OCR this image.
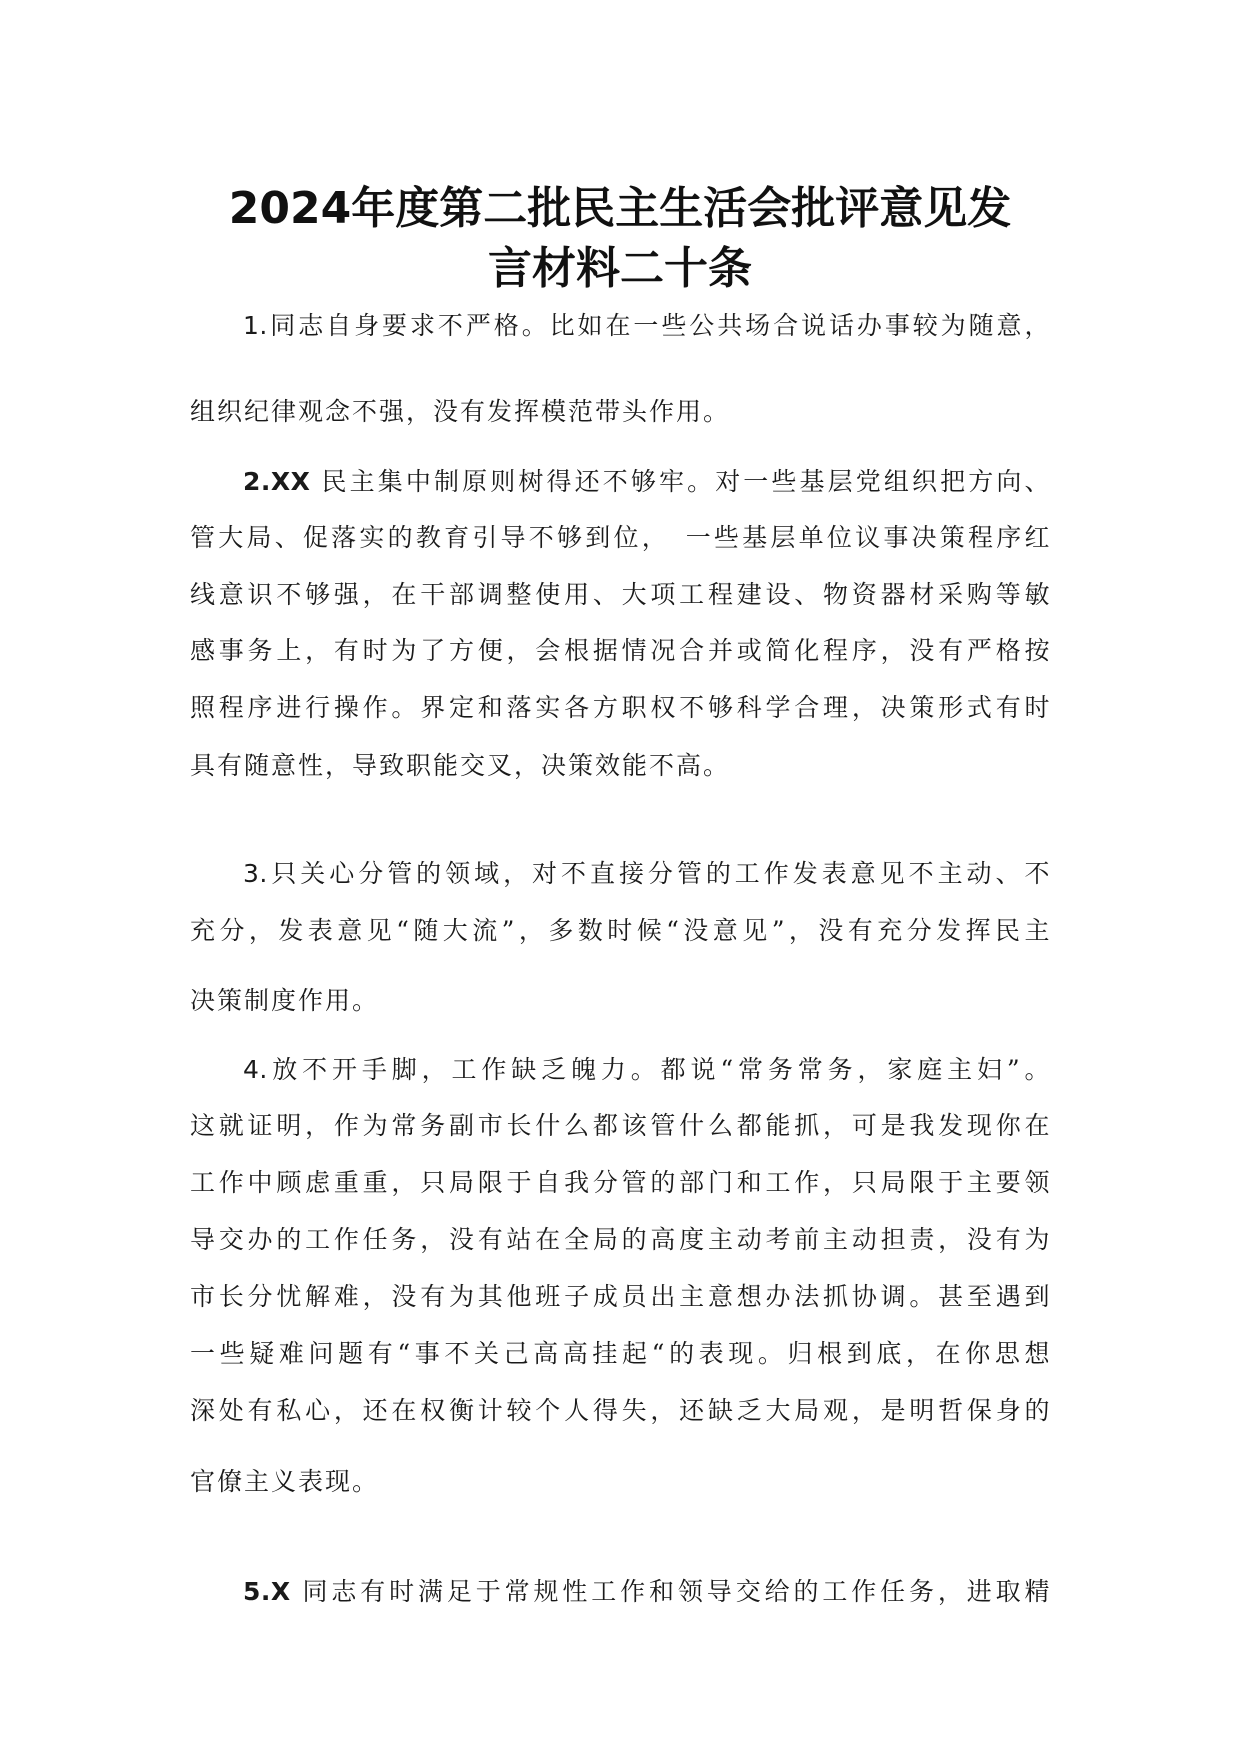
2024年度第二批民主生活会批评意见发
言材料二十条
1.同志自身要求不严格。比如在一些公共场合说话办事较为随意，
组织纪律观念不强，没有发挥模范带头作用。
2.XX 民主集中制原则树得还不够牢。对一些基层党组织把方向、
管大局、促落实的教育引导不够到位，　一些基层单位议事决策程序红
线意识不够强，在干部调整使用、大项工程建设、物资器材采购等敏
感事务上，有时为了方便，会根据情况合并或简化程序，没有严格按
照程序进行操作。界定和落实各方职权不够科学合理，决策形式有时
具有随意性，导致职能交叉，决策效能不高。
3.只关心分管的领域，对不直接分管的工作发表意见不主动、不
充分，发表意见“随大流”，多数时候“没意见”，没有充分发挥民主
决策制度作用。
4.放不开手脚，工作缺乏魄力。都说“常务常务，家庭主妇”。
这就证明，作为常务副市长什么都该管什么都能抓，可是我发现你在
工作中顾虑重重，只局限于自我分管的部门和工作，只局限于主要领
导交办的工作任务，没有站在全局的高度主动考前主动担责，没有为
市长分忧解难，没有为其他班子成员出主意想办法抓协调。甚至遇到
一些疑难问题有“事不关己高高挂起“的表现。归根到底，在你思想
深处有私心，还在权衡计较个人得失，还缺乏大局观，是明哲保身的
官僚主义表现。
5.X 同志有时满足于常规性工作和领导交给的工作任务，进取精
